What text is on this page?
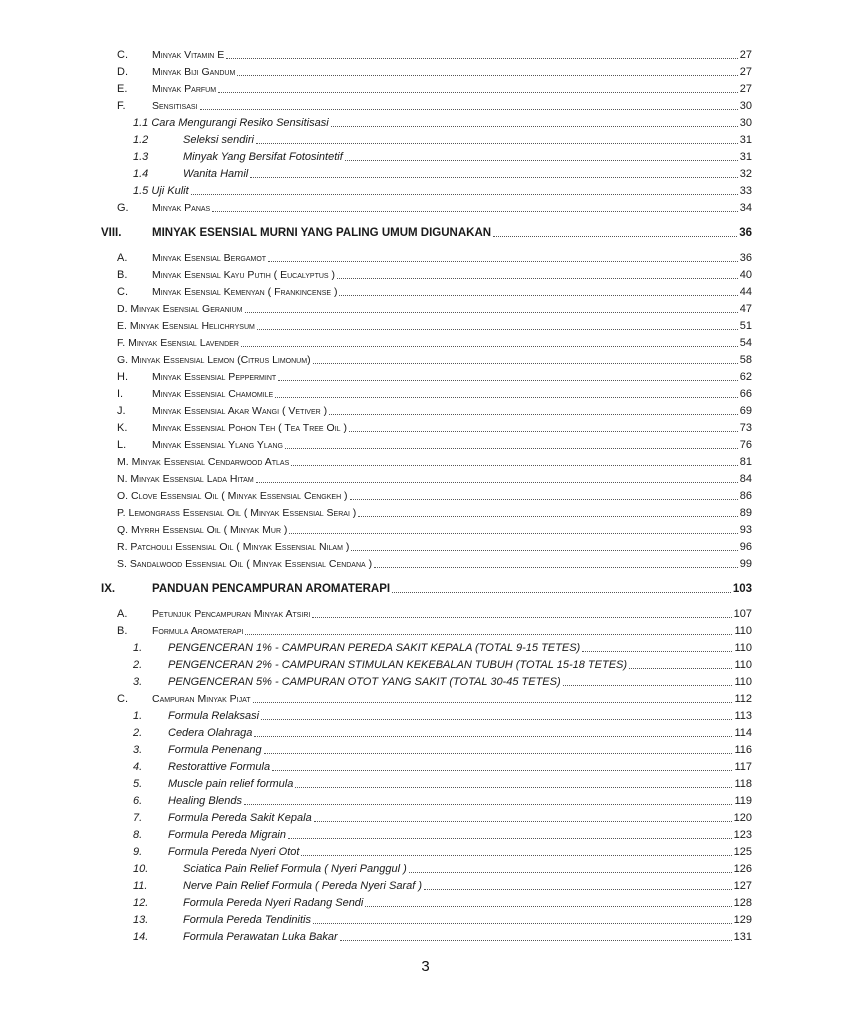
C. Minyak Vitamin E	27
D. Minyak Biji Gandum	27
E. Minyak Parfum	27
F.	Sensitisasi	30
1.1 Cara Mengurangi Resiko Sensitisasi	30
1.2	Seleksi sendiri	31
1.3	Minyak Yang Bersifat Fotosintetif	31
1.4	Wanita Hamil	32
1.5 Uji Kulit	33
G. Minyak Panas	34
VIII.	MINYAK ESENSIAL MURNI YANG PALING UMUM DIGUNAKAN	36
A. Minyak Esensial Bergamot	36
B. Minyak Esensial Kayu Putih ( Eucalyptus )	40
C. Minyak Esensial Kemenyan ( Frankincense )	44
D. Minyak Esensial Geranium	47
E. Minyak Esensial Helichrysum	51
F. Minyak Esensial Lavender	54
G. Minyak Essensial Lemon (Citrus Limonum)	58
H. Minyak Essensial Peppermint	62
I.	Minyak Essensial Chamomile	66
J.	Minyak Essensial Akar Wangi ( Vetiver )	69
K. Minyak Essensial Pohon Teh ( Tea Tree Oil )	73
L. Minyak Essensial Ylang Ylang	76
M. Minyak Essensial Cendarwood Atlas	81
N. Minyak Essensial Lada Hitam	84
O. Clove Essensial Oil ( Minyak Essensial Cengkeh )	86
P. Lemongrass Essensial Oil ( Minyak Essensial Serai )	89
Q. Myrrh Essensial Oil ( Minyak Mur )	93
R. Patchouli Essensial Oil ( Minyak Essensial Nilam )	96
S. Sandalwood Essensial Oil ( Minyak Essensial Cendana )	99
IX.	PANDUAN PENCAMPURAN AROMATERAPI	103
A. Petunjuk Pencampuran Minyak Atsiri	107
B. Formula Aromaterapi	110
1. PENGENCERAN 1% - CAMPURAN PEREDA SAKIT KEPALA (TOTAL 9-15 TETES)	110
2. PENGENCERAN 2% - CAMPURAN STIMULAN KEKEBALAN TUBUH (TOTAL 15-18 TETES)	110
3. PENGENCERAN 5% - CAMPURAN OTOT YANG SAKIT (TOTAL 30-45 TETES)	110
C. Campuran Minyak Pijat	112
1. Formula Relaksasi	113
2. Cedera Olahraga	114
3. Formula Penenang	116
4. Restorattive Formula	117
5. Muscle pain relief formula	118
6. Healing Blends	119
7. Formula Pereda Sakit Kepala	120
8. Formula Pereda Migrain	123
9. Formula Pereda Nyeri Otot	125
10.	Sciatica Pain Relief Formula ( Nyeri Panggul )	126
11.	Nerve Pain Relief Formula ( Pereda Nyeri Saraf )	127
12.	Formula Pereda Nyeri Radang Sendi	128
13.	Formula Pereda Tendinitis	129
14.	Formula Perawatan Luka Bakar	131
3
